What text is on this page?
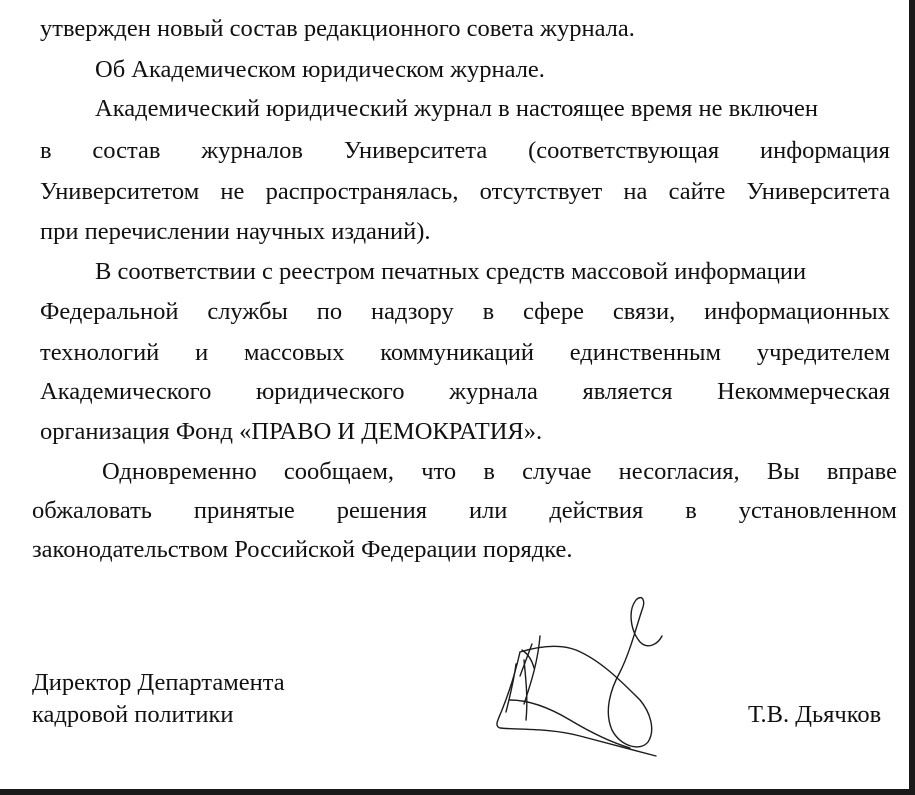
утвержден новый состав редакционного совета журнала.
Об Академическом юридическом журнале.
Академический юридический журнал в настоящее время не включен
в состав журналов Университета (соответствующая информация
Университетом не распространялась, отсутствует на сайте Университета
при перечислении научных изданий).
В соответствии с реестром печатных средств массовой информации
Федеральной службы по надзору в сфере связи, информационных
технологий и массовых коммуникаций единственным учредителем
Академического юридического журнала является Некоммерческая
организация Фонд «ПРАВО И ДЕМОКРАТИЯ».
Одновременно сообщаем, что в случае несогласия, Вы вправе
обжаловать принятые решения или действия в установленном
законодательством Российской Федерации порядке.
Директор Департамента
кадровой политики	Т.В. Дьячков
